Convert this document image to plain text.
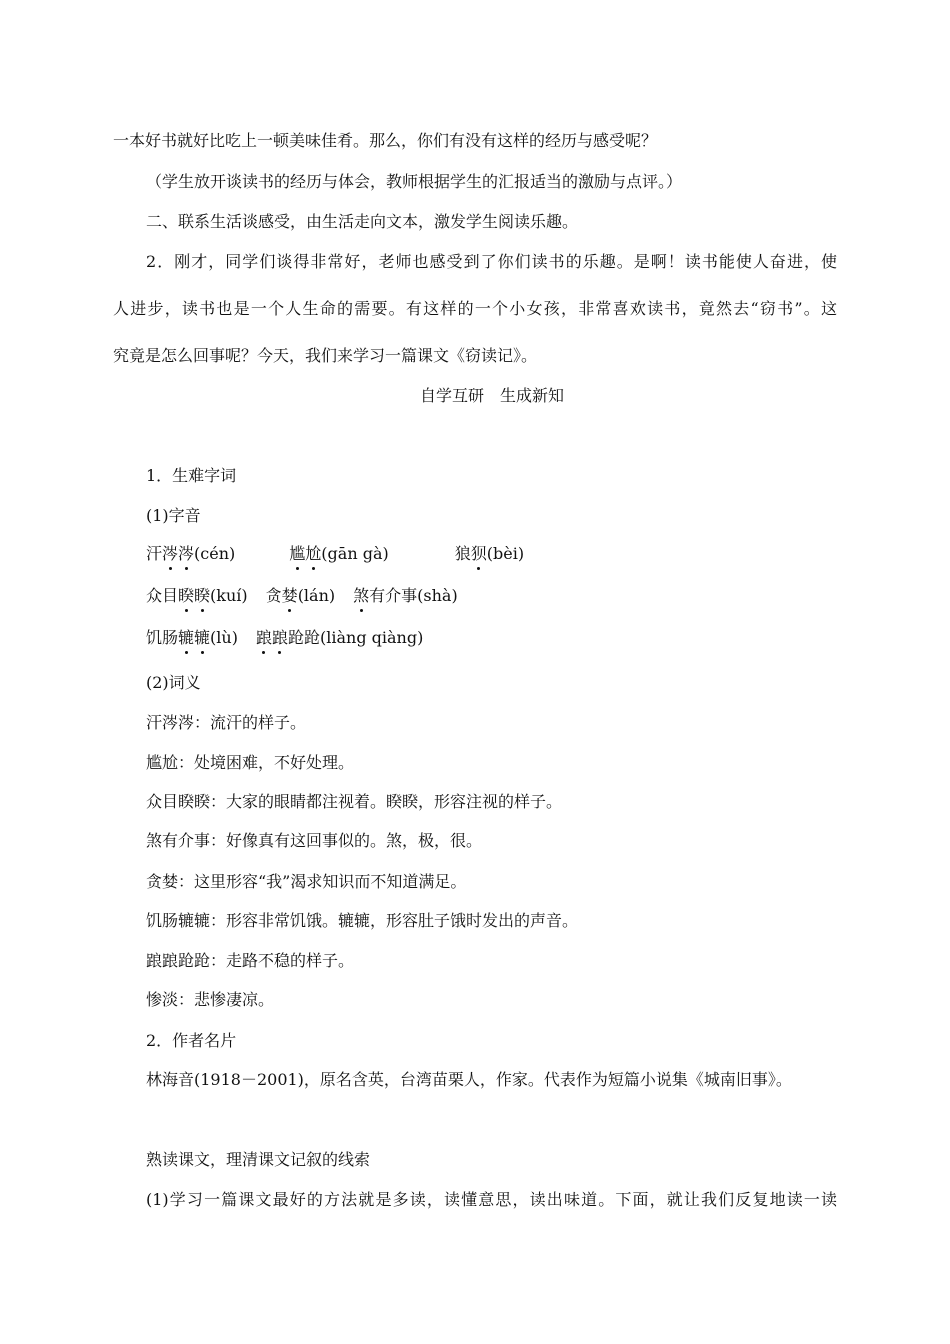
一本好书就好比吃上一顿美味佳肴。那么，你们有没有这样的经历与感受呢？
（学生放开谈读书的经历与体会，教师根据学生的汇报适当的激励与点评。）
二、联系生活谈感受，由生活走向文本，激发学生阅读乐趣。
2．刚才，同学们谈得非常好，老师也感受到了你们读书的乐趣。是啊！读书能使人奋进，使
人进步，读书也是一个人生命的需要。有这样的一个小女孩，非常喜欢读书，竟然去“窃书”。这
究竟是怎么回事呢？今天，我们来学习一篇课文《窃读记》。
自学互研　生成新知
1．生难字词
(1)字音
汗涔涔(cén)	尴尬(gān gà)	狼狈(bèi)
众目睽睽(kuí) 贪婪(lán) 煞有介事(shà)
饥肠辘辘(lù) 踉踉跄跄(liàng qiàng)
(2)词义
汗涔涔：流汗的样子。
尴尬：处境困难，不好处理。
众目睽睽：大家的眼睛都注视着。睽睽，形容注视的样子。
煞有介事：好像真有这回事似的。煞，极，很。
贪婪：这里形容“我”渴求知识而不知道满足。
饥肠辘辘：形容非常饥饿。辘辘，形容肚子饿时发出的声音。
踉踉跄跄：走路不稳的样子。
惨淡：悲惨凄凉。
2．作者名片
林海音(1918－2001)，原名含英，台湾苗栗人，作家。代表作为短篇小说集《城南旧事》。
熟读课文，理清课文记叙的线索
(1)学习一篇课文最好的方法就是多读，读懂意思，读出味道。下面，就让我们反复地读一读
